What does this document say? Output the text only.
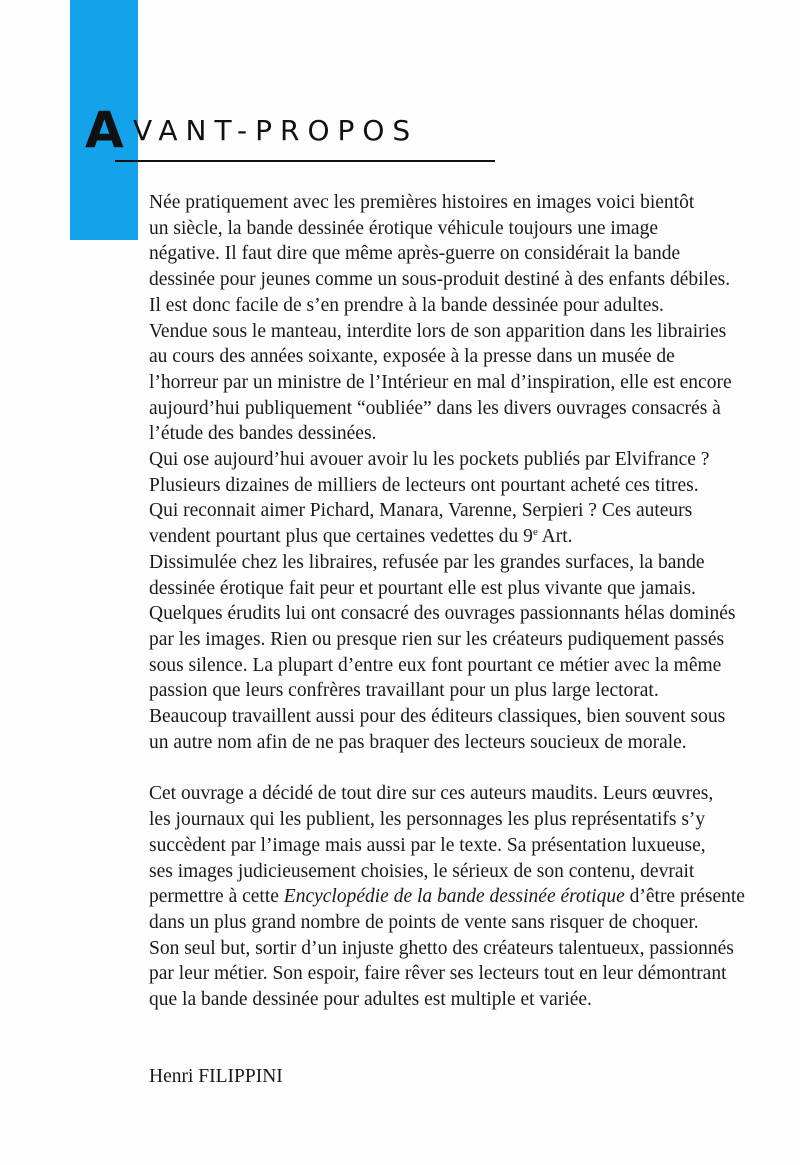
A VANT-PROPOS

Née pratiquement avec les premières histoires en images voici bientôt
un siècle, la bande dessinée érotique véhicule toujours une image
négative. Il faut dire que même après-guerre on considérait la bande
dessinée pour jeunes comme un sous-produit destiné à des enfants débiles.
Il est donc facile de s’en prendre à la bande dessinée pour adultes.
Vendue sous le manteau, interdite lors de son apparition dans les librairies
au cours des années soixante, exposée à la presse dans un musée de
l’horreur par un ministre de l’Intérieur en mal d’inspiration, elle est encore
aujourd’hui publiquement “oubliée” dans les divers ouvrages consacrés à
l’étude des bandes dessinées.
Qui ose aujourd’hui avouer avoir lu les pockets publiés par Elvifrance ?
Plusieurs dizaines de milliers de lecteurs ont pourtant acheté ces titres.
Qui reconnait aimer Pichard, Manara, Varenne, Serpieri ? Ces auteurs
vendent pourtant plus que certaines vedettes du 9e Art.
Dissimulée chez les libraires, refusée par les grandes surfaces, la bande
dessinée érotique fait peur et pourtant elle est plus vivante que jamais.
Quelques érudits lui ont consacré des ouvrages passionnants hélas dominés
par les images. Rien ou presque rien sur les créateurs pudiquement passés
sous silence. La plupart d’entre eux font pourtant ce métier avec la même
passion que leurs confrères travaillant pour un plus large lectorat.
Beaucoup travaillent aussi pour des éditeurs classiques, bien souvent sous
un autre nom afin de ne pas braquer des lecteurs soucieux de morale.

Cet ouvrage a décidé de tout dire sur ces auteurs maudits. Leurs œuvres,
les journaux qui les publient, les personnages les plus représentatifs s’y
succèdent par l’image mais aussi par le texte. Sa présentation luxueuse,
ses images judicieusement choisies, le sérieux de son contenu, devrait
permettre à cette Encyclopédie de la bande dessinée érotique d’être présente
dans un plus grand nombre de points de vente sans risquer de choquer.
Son seul but, sortir d’un injuste ghetto des créateurs talentueux, passionnés
par leur métier. Son espoir, faire rêver ses lecteurs tout en leur démontrant
que la bande dessinée pour adultes est multiple et variée.

Henri FILIPPINI
